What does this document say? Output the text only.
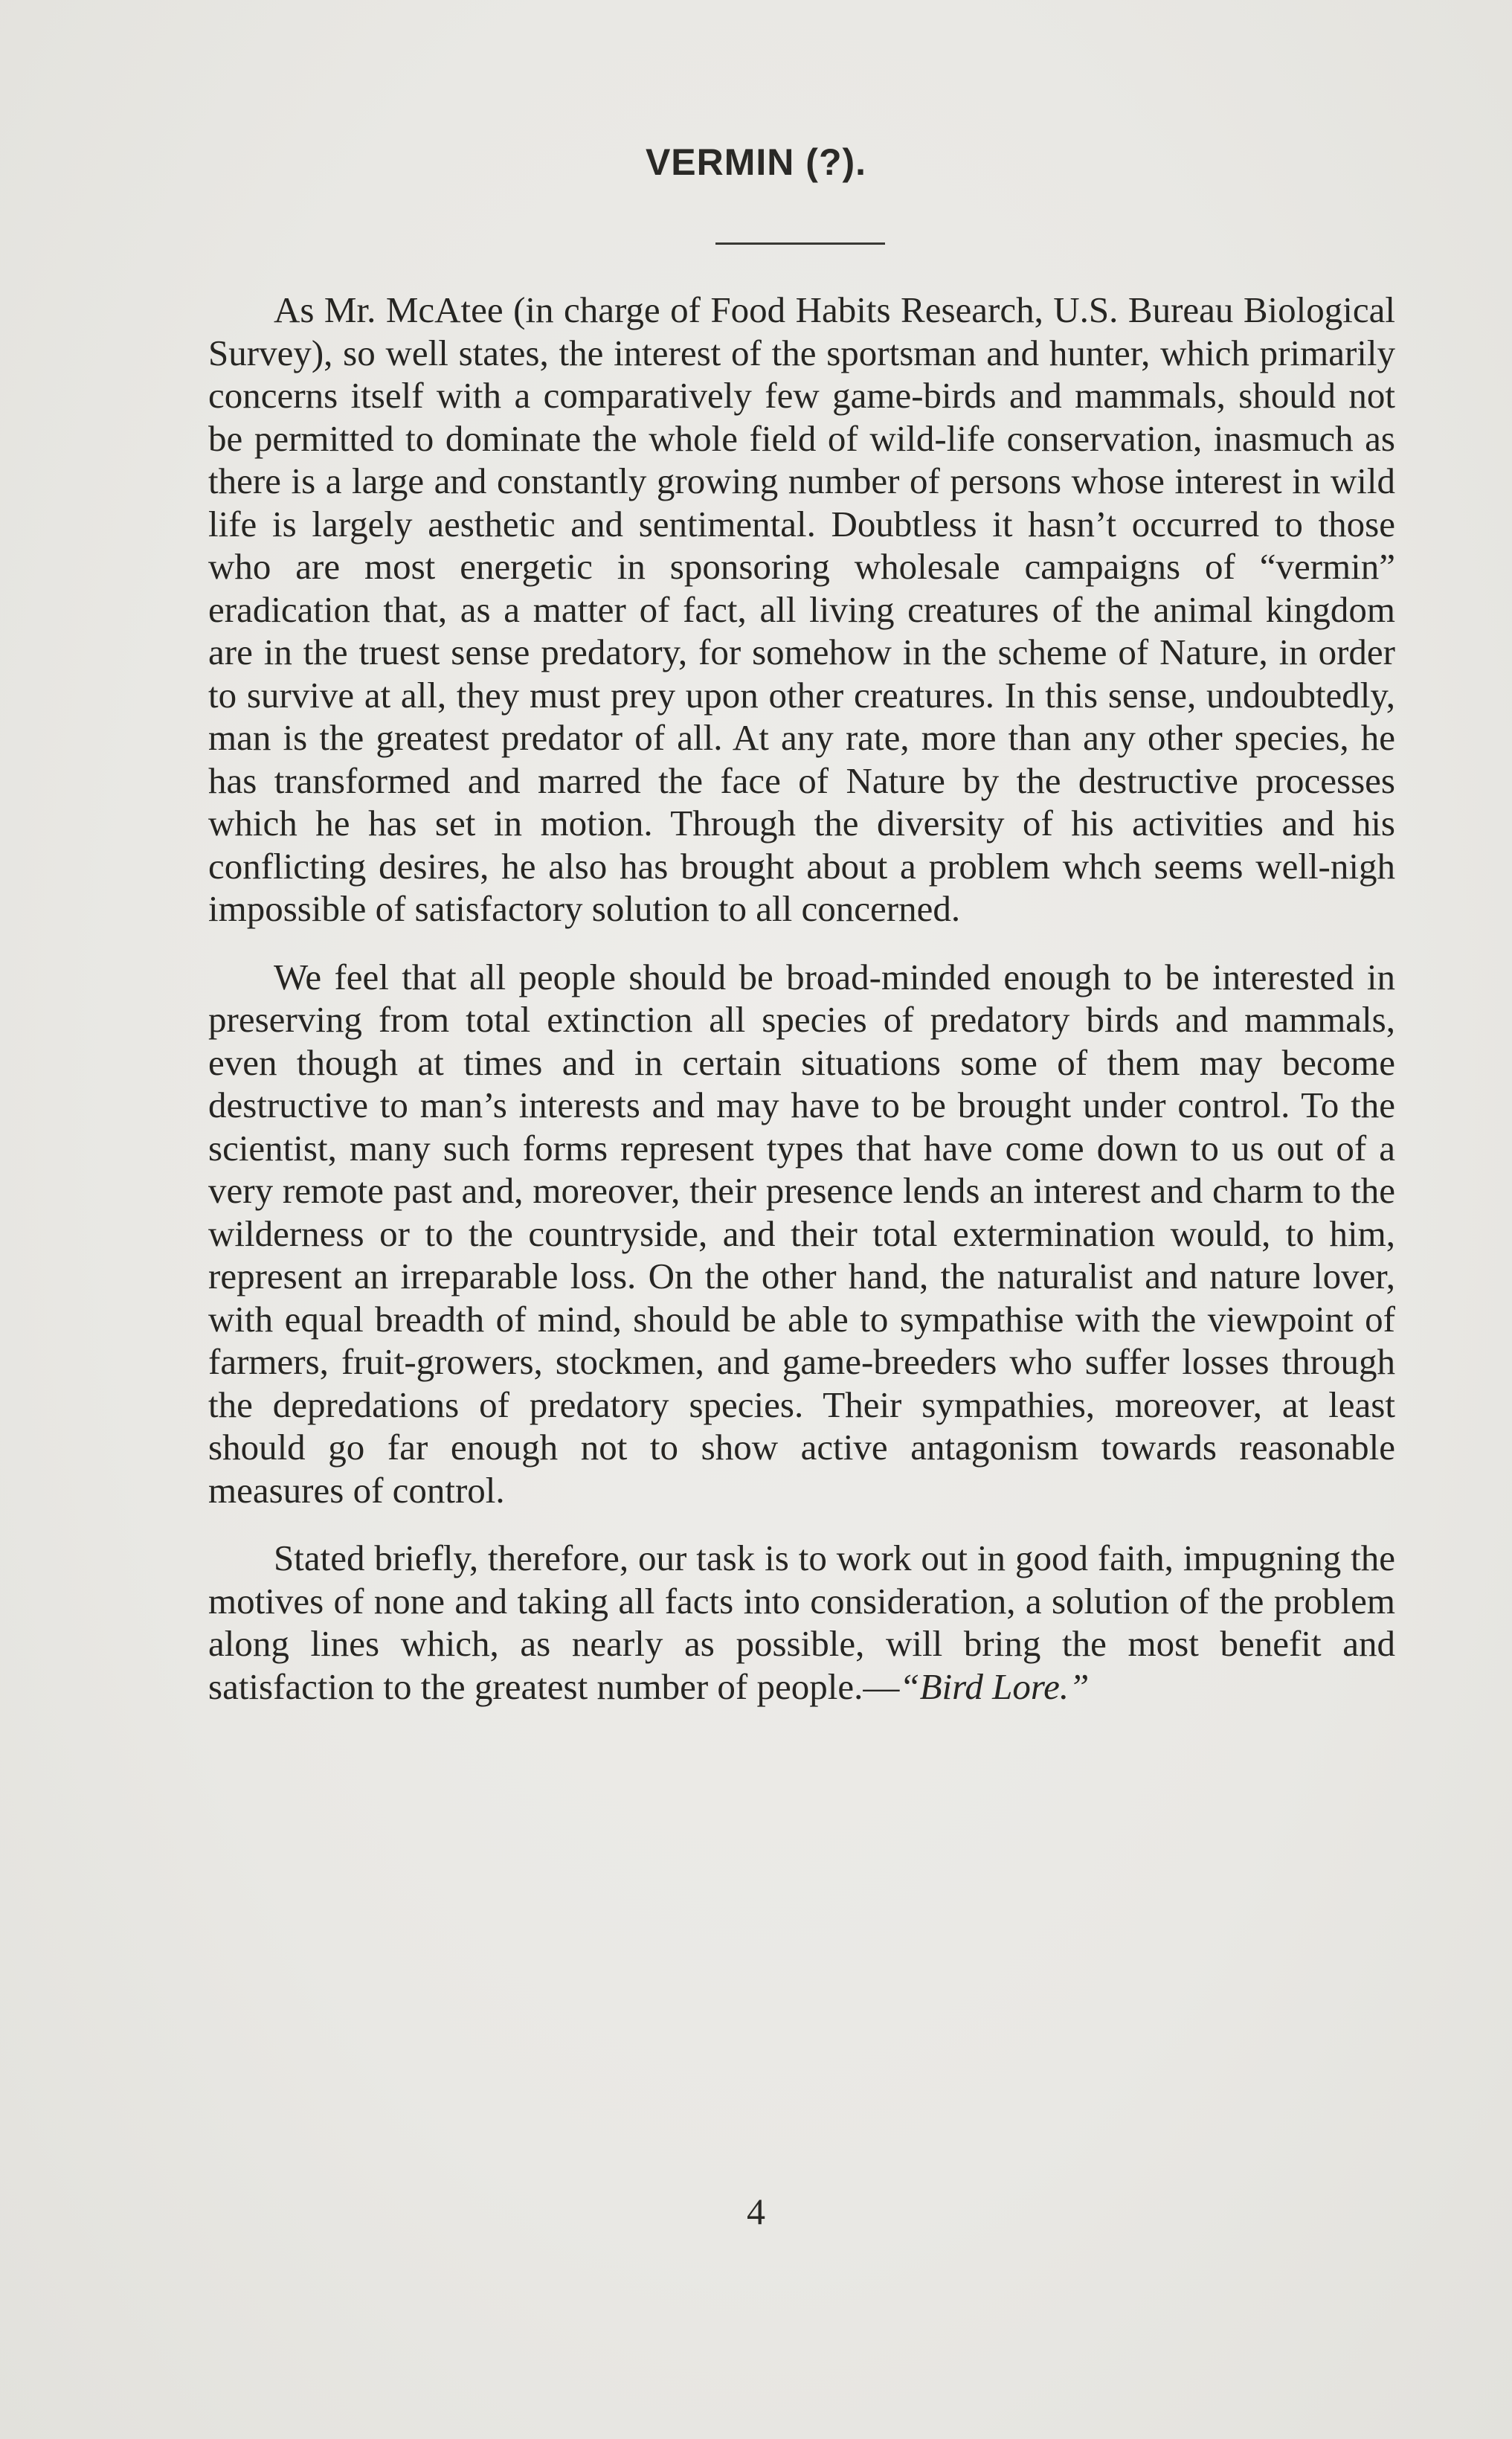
VERMIN (?).

As Mr. McAtee (in charge of Food Habits Research, U.S. Bureau Biological Survey), so well states, the interest of the sportsman and hunter, which primarily concerns itself with a comparatively few game-birds and mammals, should not be permitted to dominate the whole field of wild-life conservation, inasmuch as there is a large and constantly growing number of persons whose interest in wild life is largely aesthetic and sentimental. Doubtless it hasn’t occurred to those who are most energetic in sponsoring wholesale campaigns of “vermin” eradication that, as a matter of fact, all living creatures of the animal kingdom are in the truest sense predatory, for somehow in the scheme of Nature, in order to survive at all, they must prey upon other creatures. In this sense, undoubtedly, man is the greatest predator of all. At any rate, more than any other species, he has transformed and marred the face of Nature by the destructive processes which he has set in motion. Through the diversity of his activities and his conflicting desires, he also has brought about a problem whch seems well-nigh impossible of satisfactory solution to all concerned.

We feel that all people should be broad-minded enough to be interested in preserving from total extinction all species of predatory birds and mammals, even though at times and in certain situations some of them may become destructive to man’s interests and may have to be brought under control. To the scientist, many such forms represent types that have come down to us out of a very remote past and, moreover, their presence lends an interest and charm to the wilderness or to the countryside, and their total extermination would, to him, represent an irreparable loss. On the other hand, the naturalist and nature lover, with equal breadth of mind, should be able to sympathise with the viewpoint of farmers, fruit-growers, stockmen, and game-breeders who suffer losses through the depredations of predatory species. Their sympathies, moreover, at least should go far enough not to show active antagonism towards reasonable measures of control.

Stated briefly, therefore, our task is to work out in good faith, impugning the motives of none and taking all facts into consideration, a solution of the problem along lines which, as nearly as possible, will bring the most benefit and satisfaction to the greatest number of people.—“Bird Lore.”

4
